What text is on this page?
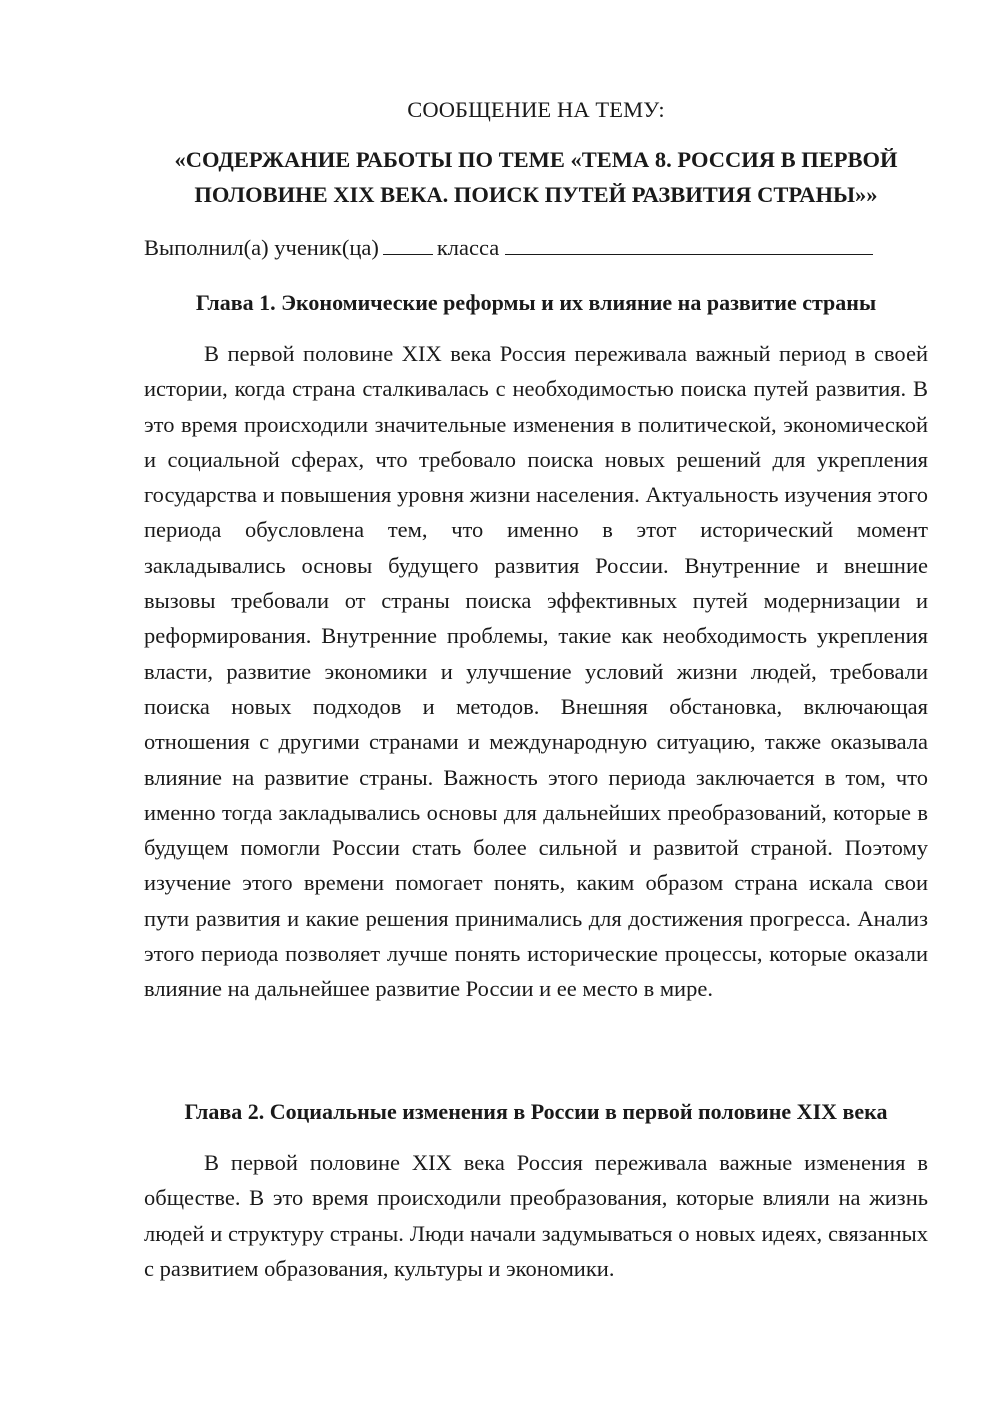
СООБЩЕНИЕ НА ТЕМУ:
«СОДЕРЖАНИЕ РАБОТЫ ПО ТЕМЕ «ТЕМА 8. РОССИЯ В ПЕРВОЙ ПОЛОВИНЕ XIX ВЕКА. ПОИСК ПУТЕЙ РАЗВИТИЯ СТРАНЫ»»
Выполнил(а) ученик(ца)	класса
Глава 1. Экономические реформы и их влияние на развитие страны

В первой половине XIX века Россия переживала важный период в своей истории, когда страна сталкивалась с необходимостью поиска путей развития. В это время происходили значительные изменения в политической, экономической и социальной сферах, что требовало поиска новых решений для укрепления государства и повышения уровня жизни населения. Актуальность изучения этого периода обусловлена тем, что именно в этот исторический момент закладывались основы будущего развития России. Внутренние и внешние вызовы требовали от страны поиска эффективных путей модернизации и реформирования. Внутренние проблемы, такие как необходимость укрепления власти, развитие экономики и улучшение условий жизни людей, требовали поиска новых подходов и методов. Внешняя обстановка, включающая отношения с другими странами и международную ситуацию, также оказывала влияние на развитие страны. Важность этого периода заключается в том, что именно тогда закладывались основы для дальнейших преобразований, которые в будущем помогли России стать более сильной и развитой страной. Поэтому изучение этого времени помогает понять, каким образом страна искала свои пути развития и какие решения принимались для достижения прогресса. Анализ этого периода позволяет лучше понять исторические процессы, которые оказали влияние на дальнейшее развитие России и ее место в мире.

Глава 2. Социальные изменения в России в первой половине XIX века

В первой половине XIX века Россия переживала важные изменения в обществе. В это время происходили преобразования, которые влияли на жизнь людей и структуру страны. Люди начали задумываться о новых идеях, связанных с развитием образования, культуры и экономики.
